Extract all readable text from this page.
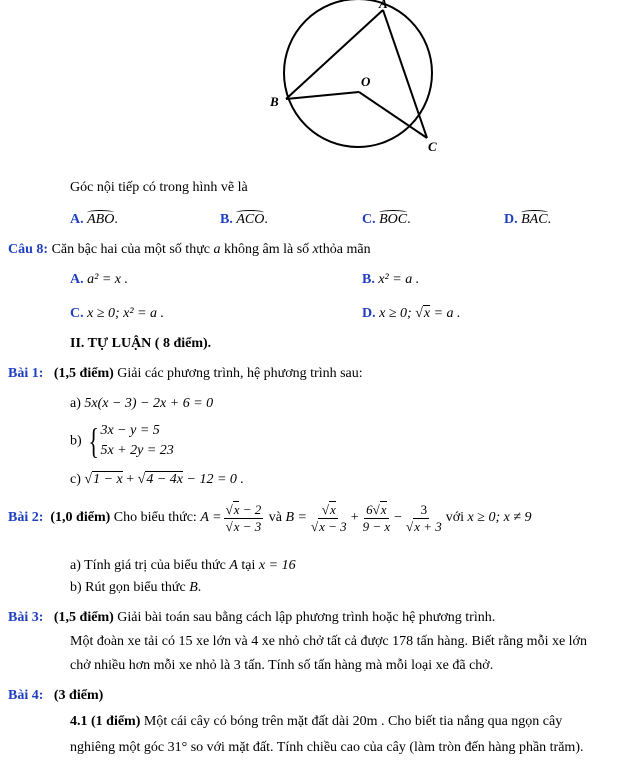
A
B
C
O
Góc nội tiếp có trong hình vẽ là
A. ABO.	B. ACO.	C. BOC.	D. BAC.
Câu 8: Căn bậc hai của một số thực a không âm là số xthỏa mãn
A. a² = x .	B. x² = a .
C. x ≥ 0; x² = a .	D. x ≥ 0; √x = a .
II. TỰ LUẬN ( 8 điểm).
Bài 1: (1,5 điểm) Giải các phương trình, hệ phương trình sau:
a) 5x(x − 3) − 2x + 6 = 0
b) { 3x − y = 5
5x + 2y = 23
c) √1 − x + √4 − 4x − 12 = 0 .
Bài 2:
(1,0 điểm)
Cho biểu thức:
$A = \frac{√x - 2}{√x - 3}$
và
$B = \frac{√x}{√x - 3} + \frac{6√x}{9 - x} - \frac{3}{√x + 3}$ với
x ≥ 0; x ≠ 9
a) Tính giá trị của biểu thức A tại x = 16
b) Rút gọn biểu thức B.
Bài 3: (1,5 điểm) Giải bài toán sau bằng cách lập phương trình hoặc hệ phương trình.
Một đoàn xe tải có 15 xe lớn và 4 xe nhỏ chở tất cả được 178 tấn hàng. Biết rằng mỗi xe lớn
chở nhiều hơn mỗi xe nhỏ là 3 tấn. Tính số tấn hàng mà mỗi loại xe đã chở.
Bài 4: (3 điểm)
4.1 (1 điểm) Một cái cây có bóng trên mặt đất dài 20m . Cho biết tia nắng qua ngọn cây
nghiêng một góc 31° so với mặt đất. Tính chiều cao của cây (làm tròn đến hàng phần trăm).
